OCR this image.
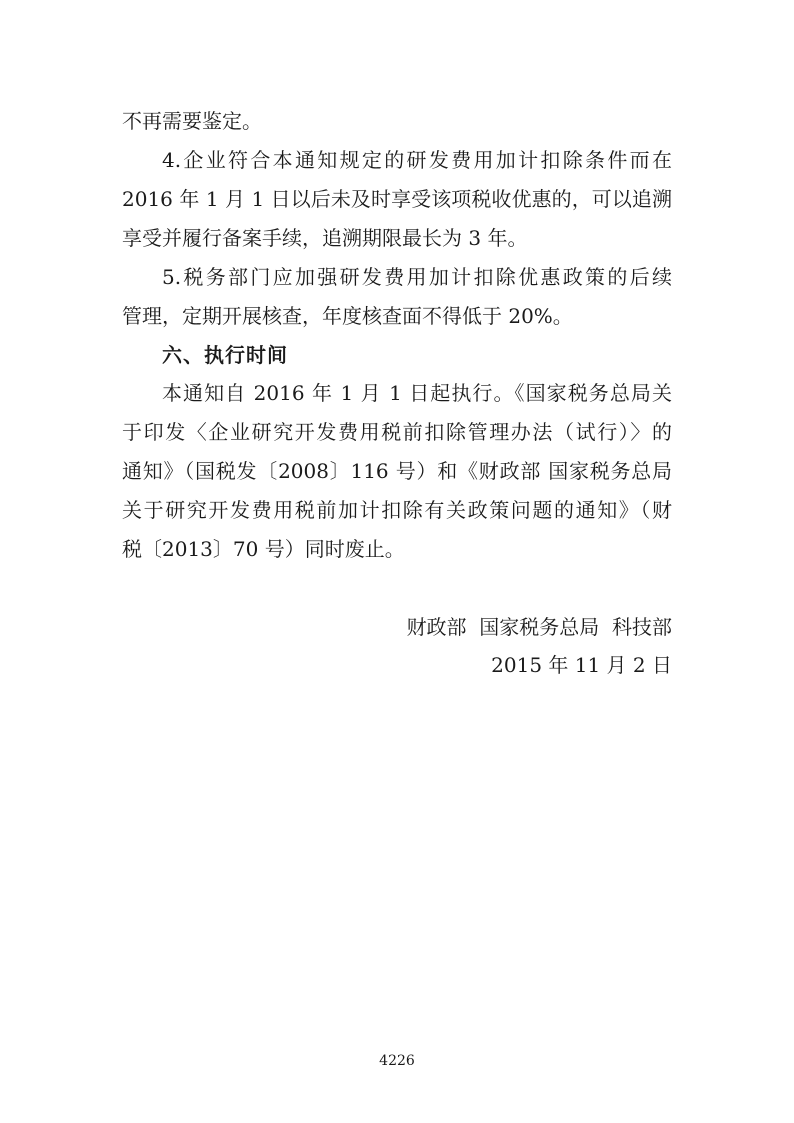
不再需要鉴定。
4.企业符合本通知规定的研发费用加计扣除条件而在
2016 年 1 月 1 日以后未及时享受该项税收优惠的，可以追溯
享受并履行备案手续，追溯期限最长为 3 年。
5.税务部门应加强研发费用加计扣除优惠政策的后续
管理，定期开展核查，年度核查面不得低于 20%。
六、执行时间
本通知自 2016 年 1 月 1 日起执行。《国家税务总局关
于印发〈企业研究开发费用税前扣除管理办法（试行）〉的
通知》（国税发〔2008〕116 号）和《财政部 国家税务总局
关于研究开发费用税前加计扣除有关政策问题的通知》（财
税〔2013〕70 号）同时废止。
财政部  国家税务总局  科技部
2015 年 11 月 2 日
4226
